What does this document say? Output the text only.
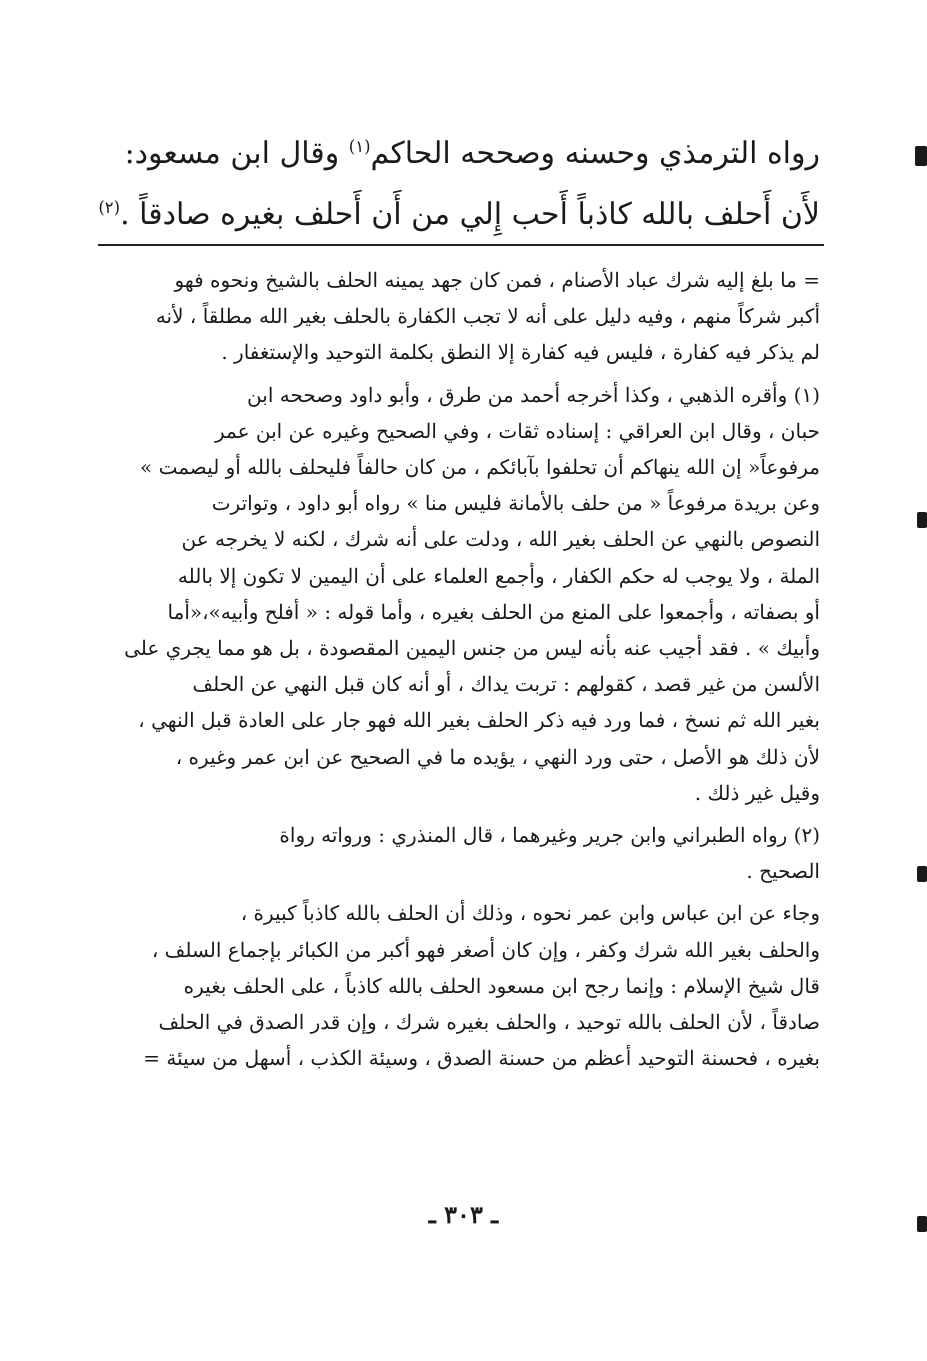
رواه الترمذي وحسنه وصححه الحاكم$^{(١)}$ وقال ابن مسعود:
لأَن أَحلف بالله كاذباً أَحب إِلي من أَن أَحلف بغيره صادقاً .$^{(٢)}$
= ما بلغ إليه شرك عباد الأصنام ، فمن كان جهد يمينه الحلف بالشيخ ونحوه فهو
أكبر شركاً منهم ، وفيه دليل على أنه لا تجب الكفارة بالحلف بغير الله مطلقاً ، لأنه
لم يذكر فيه كفارة ، فليس فيه كفارة إلا النطق بكلمة التوحيد والإستغفار .
(١) وأقره الذهبي ، وكذا أخرجه أحمد من طرق ، وأبو داود وصححه ابن
حبان ، وقال ابن العراقي : إسناده ثقات ، وفي الصحيح وغيره عن ابن عمر
مرفوعاً« إن الله ينهاكم أن تحلفوا بآبائكم ، من كان حالفاً فليحلف بالله أو ليصمت »
وعن بريدة مرفوعاً « من حلف بالأمانة فليس منا » رواه أبو داود ، وتواترت
النصوص بالنهي عن الحلف بغير الله ، ودلت على أنه شرك ، لكنه لا يخرجه عن
الملة ، ولا يوجب له حكم الكفار ، وأجمع العلماء على أن اليمين لا تكون إلا بالله
أو بصفاته ، وأجمعوا على المنع من الحلف بغيره ، وأما قوله : « أفلح وأبيه»،«أما
وأبيك » . فقد أجيب عنه بأنه ليس من جنس اليمين المقصودة ، بل هو مما يجري على
الألسن من غير قصد ، كقولهم : تربت يداك ، أو أنه كان قبل النهي عن الحلف
بغير الله ثم نسخ ، فما ورد فيه ذكر الحلف بغير الله فهو جار على العادة قبل النهي ،
لأن ذلك هو الأصل ، حتى ورد النهي ، يؤيده ما في الصحيح عن ابن عمر وغيره ،
وقيل غير ذلك .
(٢) رواه الطبراني وابن جرير وغيرهما ، قال المنذري : ورواته رواة
الصحيح .
وجاء عن ابن عباس وابن عمر نحوه ، وذلك أن الحلف بالله كاذباً كبيرة ،
والحلف بغير الله شرك وكفر ، وإن كان أصغر فهو أكبر من الكبائر بإجماع السلف ،
قال شيخ الإسلام : وإنما رجح ابن مسعود الحلف بالله كاذباً ، على الحلف بغيره
صادقاً ، لأن الحلف بالله توحيد ، والحلف بغيره شرك ، وإن قدر الصدق في الحلف
بغيره ، فحسنة التوحيد أعظم من حسنة الصدق ، وسيئة الكذب ، أسهل من سيئة =
ـ ٣٠٣ ـ
